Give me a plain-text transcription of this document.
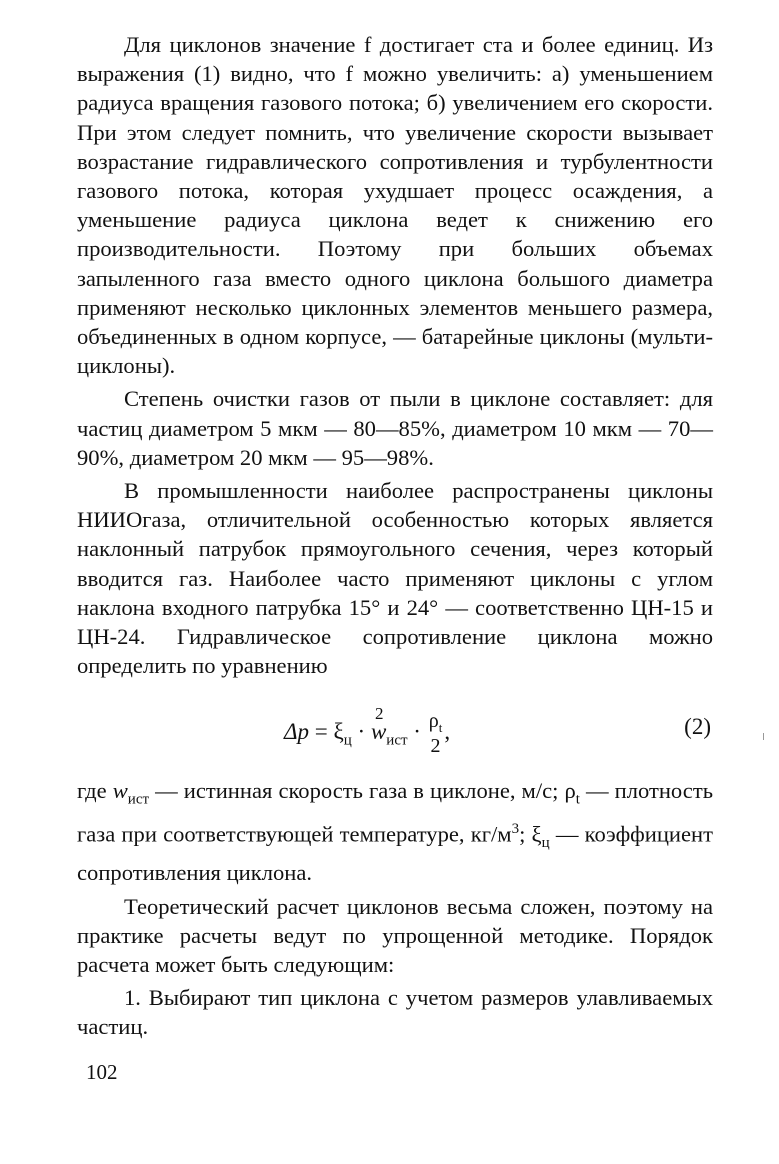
Для циклонов значение f достигает ста и более единиц. Из выражения (1) видно, что f можно увеличить: а) уменьшением радиуса вращения газового потока; б) увеличением его скорости. При этом следует помнить, что увеличение скорости вызывает возрастание гидравлического сопротивления и турбулентности газового потока, которая ухудшает процесс осаждения, а уменьшение радиуса циклона ведет к снижению его производительности. Поэтому при больших объемах запыленного газа вместо одного циклона большого диаметра применяют несколько циклонных элементов меньшего размера, объединенных в одном корпусе, — батарейные циклоны (мультициклоны).

Степень очистки газов от пыли в циклоне составляет: для частиц диаметром 5 мкм — 80—85%, диаметром 10 мкм — 70—90%, диаметром 20 мкм — 95—98%.

В промышленности наиболее распространены циклоны НИИОгаза, отличительной особенностью которых является наклонный патрубок прямоугольного сечения, через который вводится газ. Наиболее часто применяют циклоны с углом наклона входного патрубка 15° и 24° — соответственно ЦН-15 и ЦН-24. Гидравлическое сопротивление циклона можно определить по уравнению

$\Delta p = \xi_ц \cdot w$
2
$_{ист} \cdot \rho_t$
2
,	(2)

где $w_{ист}$ — истинная скорость газа в циклоне, м/с; $\rho_t$ — плотность газа при соответствующей температуре, $кг/м^3$; $\xi_ц$ — коэффициент сопротивления циклона.

Теоретический расчет циклонов весьма сложен, поэтому на практике расчеты ведут по упрощенной методике. Порядок расчета может быть следующим:

1. Выбирают тип циклона с учетом размеров улавливаемых частиц.

102
